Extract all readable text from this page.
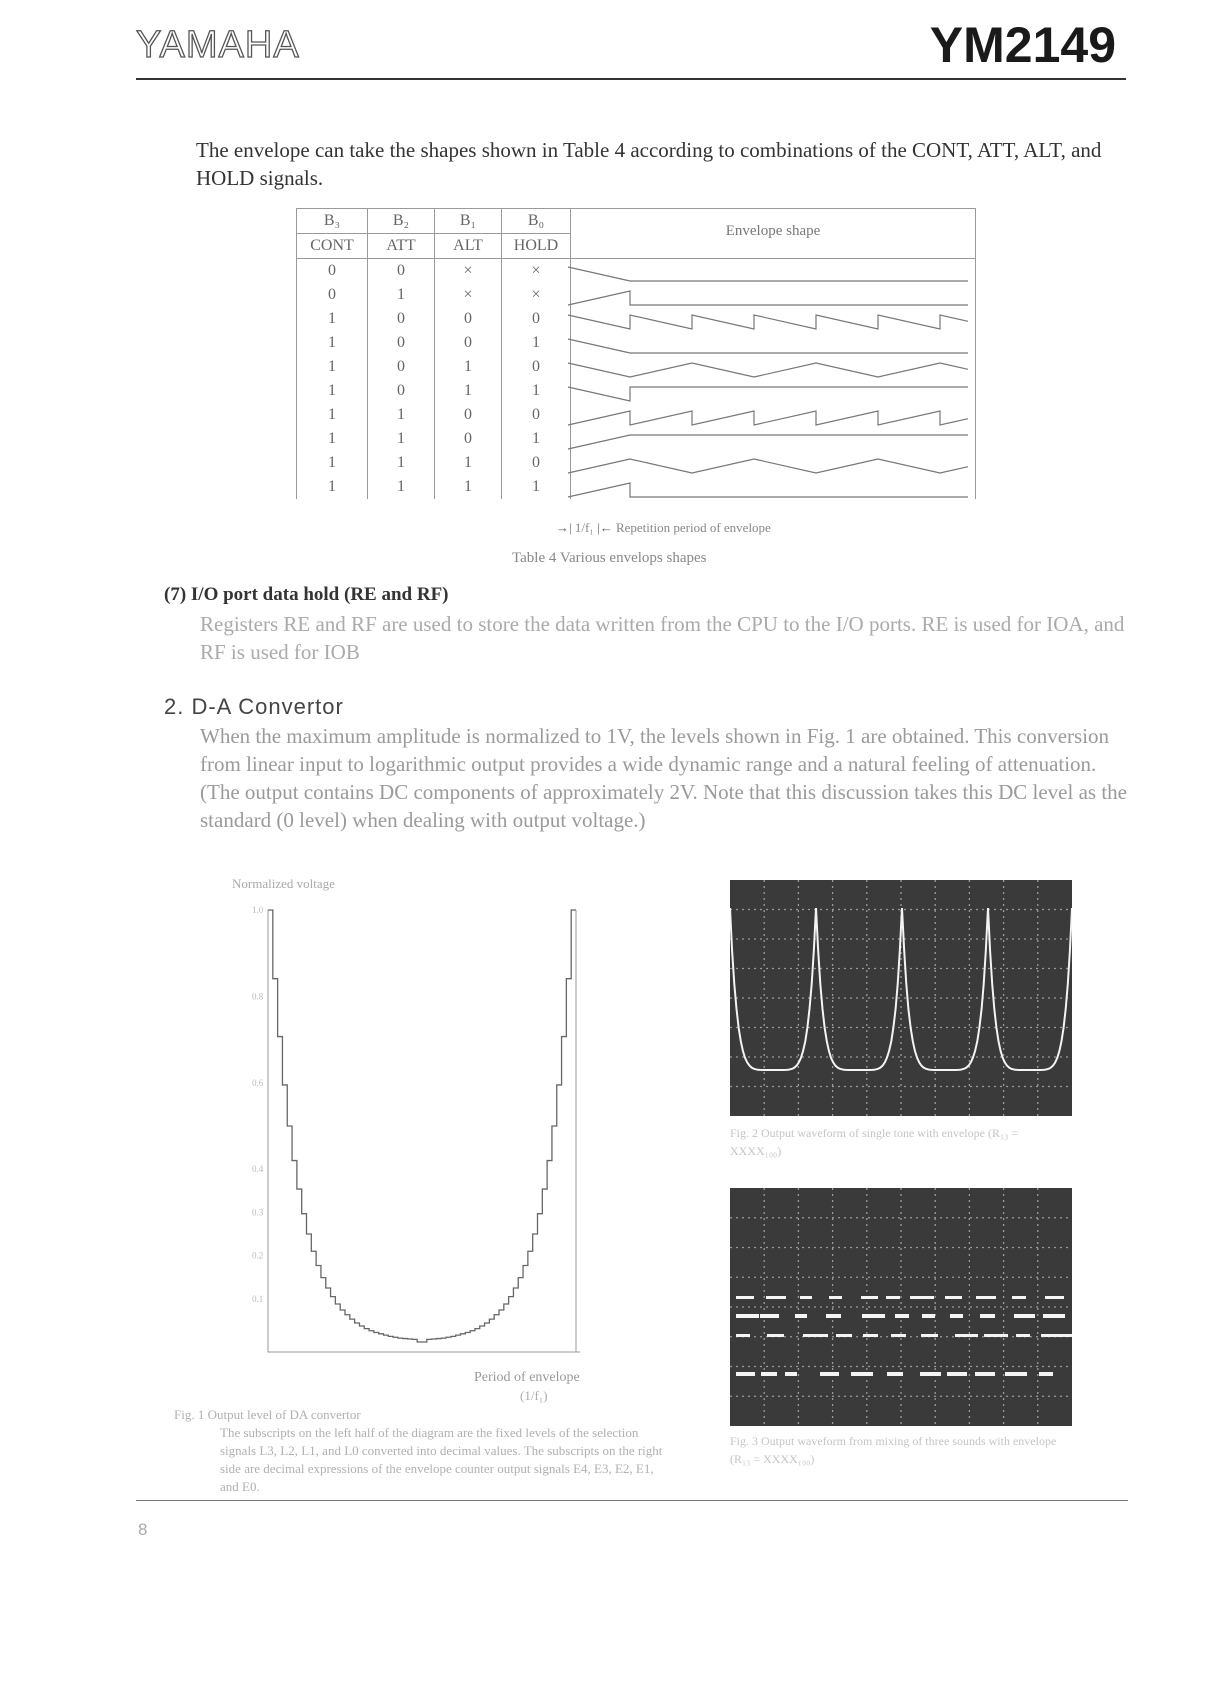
YAMAHA	YM2149

The envelope can take the shapes shown in Table 4 according to combinations of the CONT, ATT, ALT, and HOLD signals.

B₃	B₂	B₁	B₀	Envelope shape
CONT	ATT	ALT	HOLD	
0	0	×	×	
0	1	×	×	
1	0	0	0	
1	0	0	1	
1	0	1	0	
1	0	1	1	
1	1	0	0	
1	1	0	1	
1	1	1	0	
1	1	1	1	
→| 1/f₁ |← Repetition period of envelope
Table 4 Various envelops shapes
(7) I/O port data hold (RE and RF)

Registers RE and RF are used to store the data written from the CPU to the I/O ports. RE is used for IOA, and RF is used for IOB

2. D-A Convertor

When the maximum amplitude is normalized to 1V, the levels shown in Fig. 1 are obtained. This conversion from linear input to logarithmic output provides a wide dynamic range and a natural feeling of attenuation. (The output contains DC components of approximately 2V. Note that this discussion takes this DC level as the standard (0 level) when dealing with output voltage.)

Normalized voltage
1.0
0.8
0.6
0.4
0.3
0.2
0.1
Period of envelope
(1/f₁)
Fig. 1 Output level of DA convertor
The subscripts on the left half of the diagram are the fixed levels of the selection signals L3, L2, L1, and L0 converted into decimal values. The subscripts on the right side are decimal expressions of the envelope counter output signals E4, E3, E2, E1, and E0.
Fig. 2 Output waveform of single tone with envelope (R₁₃ = XXXX₁₀₀)
Fig. 3 Output waveform from mixing of three sounds with envelope (R₁₃ = XXXX₁₀₀)
8
